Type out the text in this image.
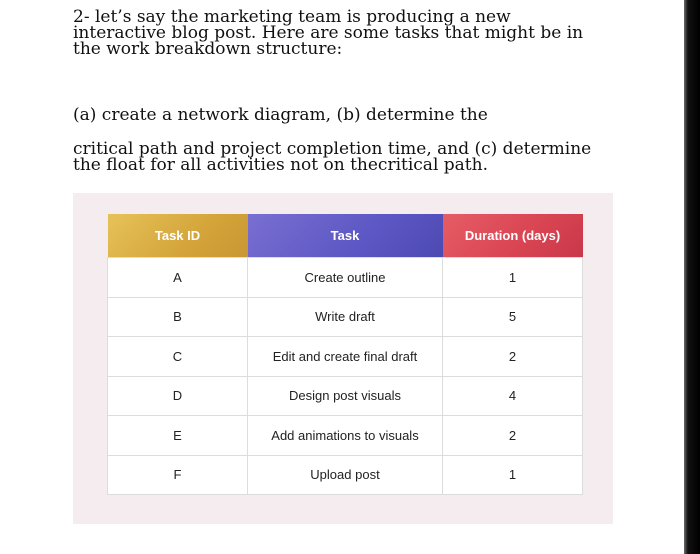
2- let’s say the marketing team is producing a new
interactive blog post. Here are some tasks that might be in
the work breakdown structure:

(a) create a network diagram, (b) determine the

critical path and project completion time, and (c) determine
the float for all activities not on thecritical path.

Task ID	Task	Duration (days)
A	Create outline	1
B	Write draft	5
C	Edit and create final draft	2
D	Design post visuals	4
E	Add animations to visuals	2
F	Upload post	1
